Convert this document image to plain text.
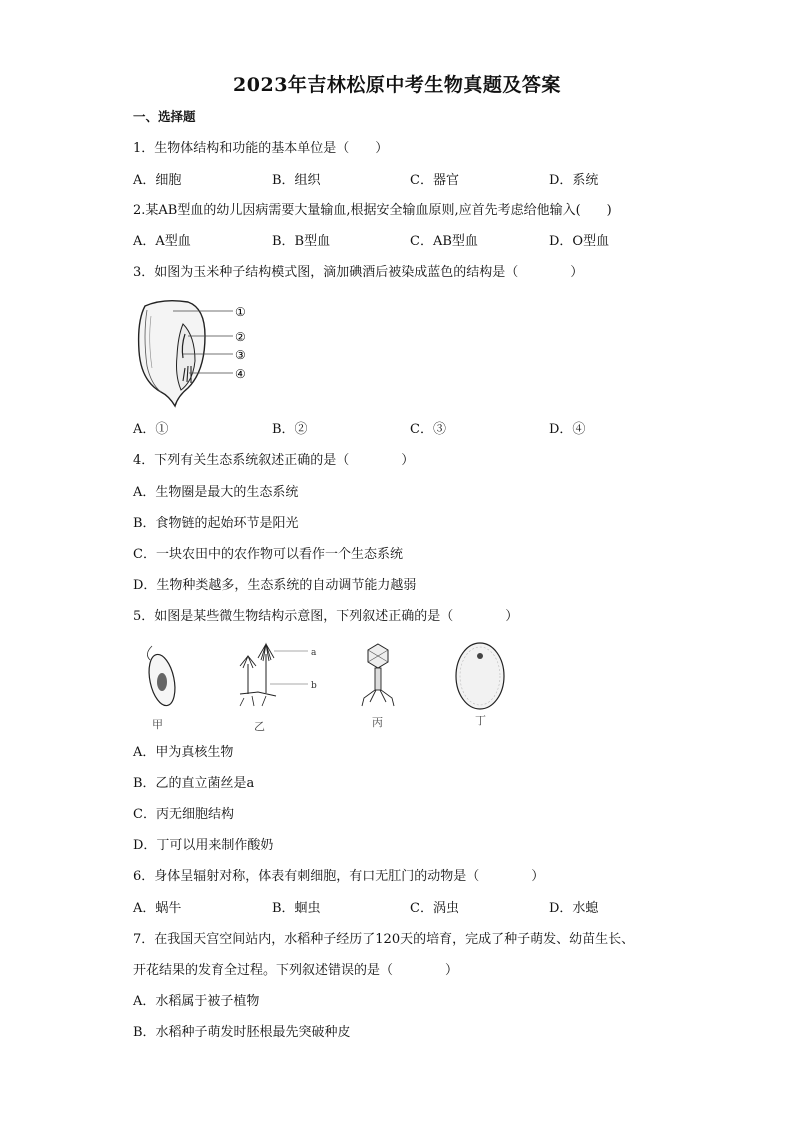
2023年吉林松原中考生物真题及答案
一、选择题
1．生物体结构和功能的基本单位是（　　）
A．细胞	B．组织	C．器官	D．系统
2.某AB型血的幼儿因病需要大量输血,根据安全输血原则,应首先考虑给他输入(　　)
A．A型血	B．B型血	C．AB型血	D．O型血
3．如图为玉米种子结构模式图，滴加碘酒后被染成蓝色的结构是（　　　　）
①
②
③
④
A．①	B．②	C．③	D．④
4．下列有关生态系统叙述正确的是（　　　　）
A．生物圈是最大的生态系统
B．食物链的起始环节是阳光
C．一块农田中的农作物可以看作一个生态系统
D．生物种类越多，生态系统的自动调节能力越弱
5．如图是某些微生物结构示意图，下列叙述正确的是（　　　　）
甲
a
b
乙	丙	丁
A．甲为真核生物
B．乙的直立菌丝是a
C．丙无细胞结构
D．丁可以用来制作酸奶
6．身体呈辐射对称，体表有刺细胞，有口无肛门的动物是（　　　　）
A．蜗牛	B．蛔虫	C．涡虫	D．水螅
7．在我国天宫空间站内，水稻种子经历了120天的培育，完成了种子萌发、幼苗生长、
开花结果的发育全过程。下列叙述错误的是（　　　　）
A．水稻属于被子植物
B．水稻种子萌发时胚根最先突破种皮
